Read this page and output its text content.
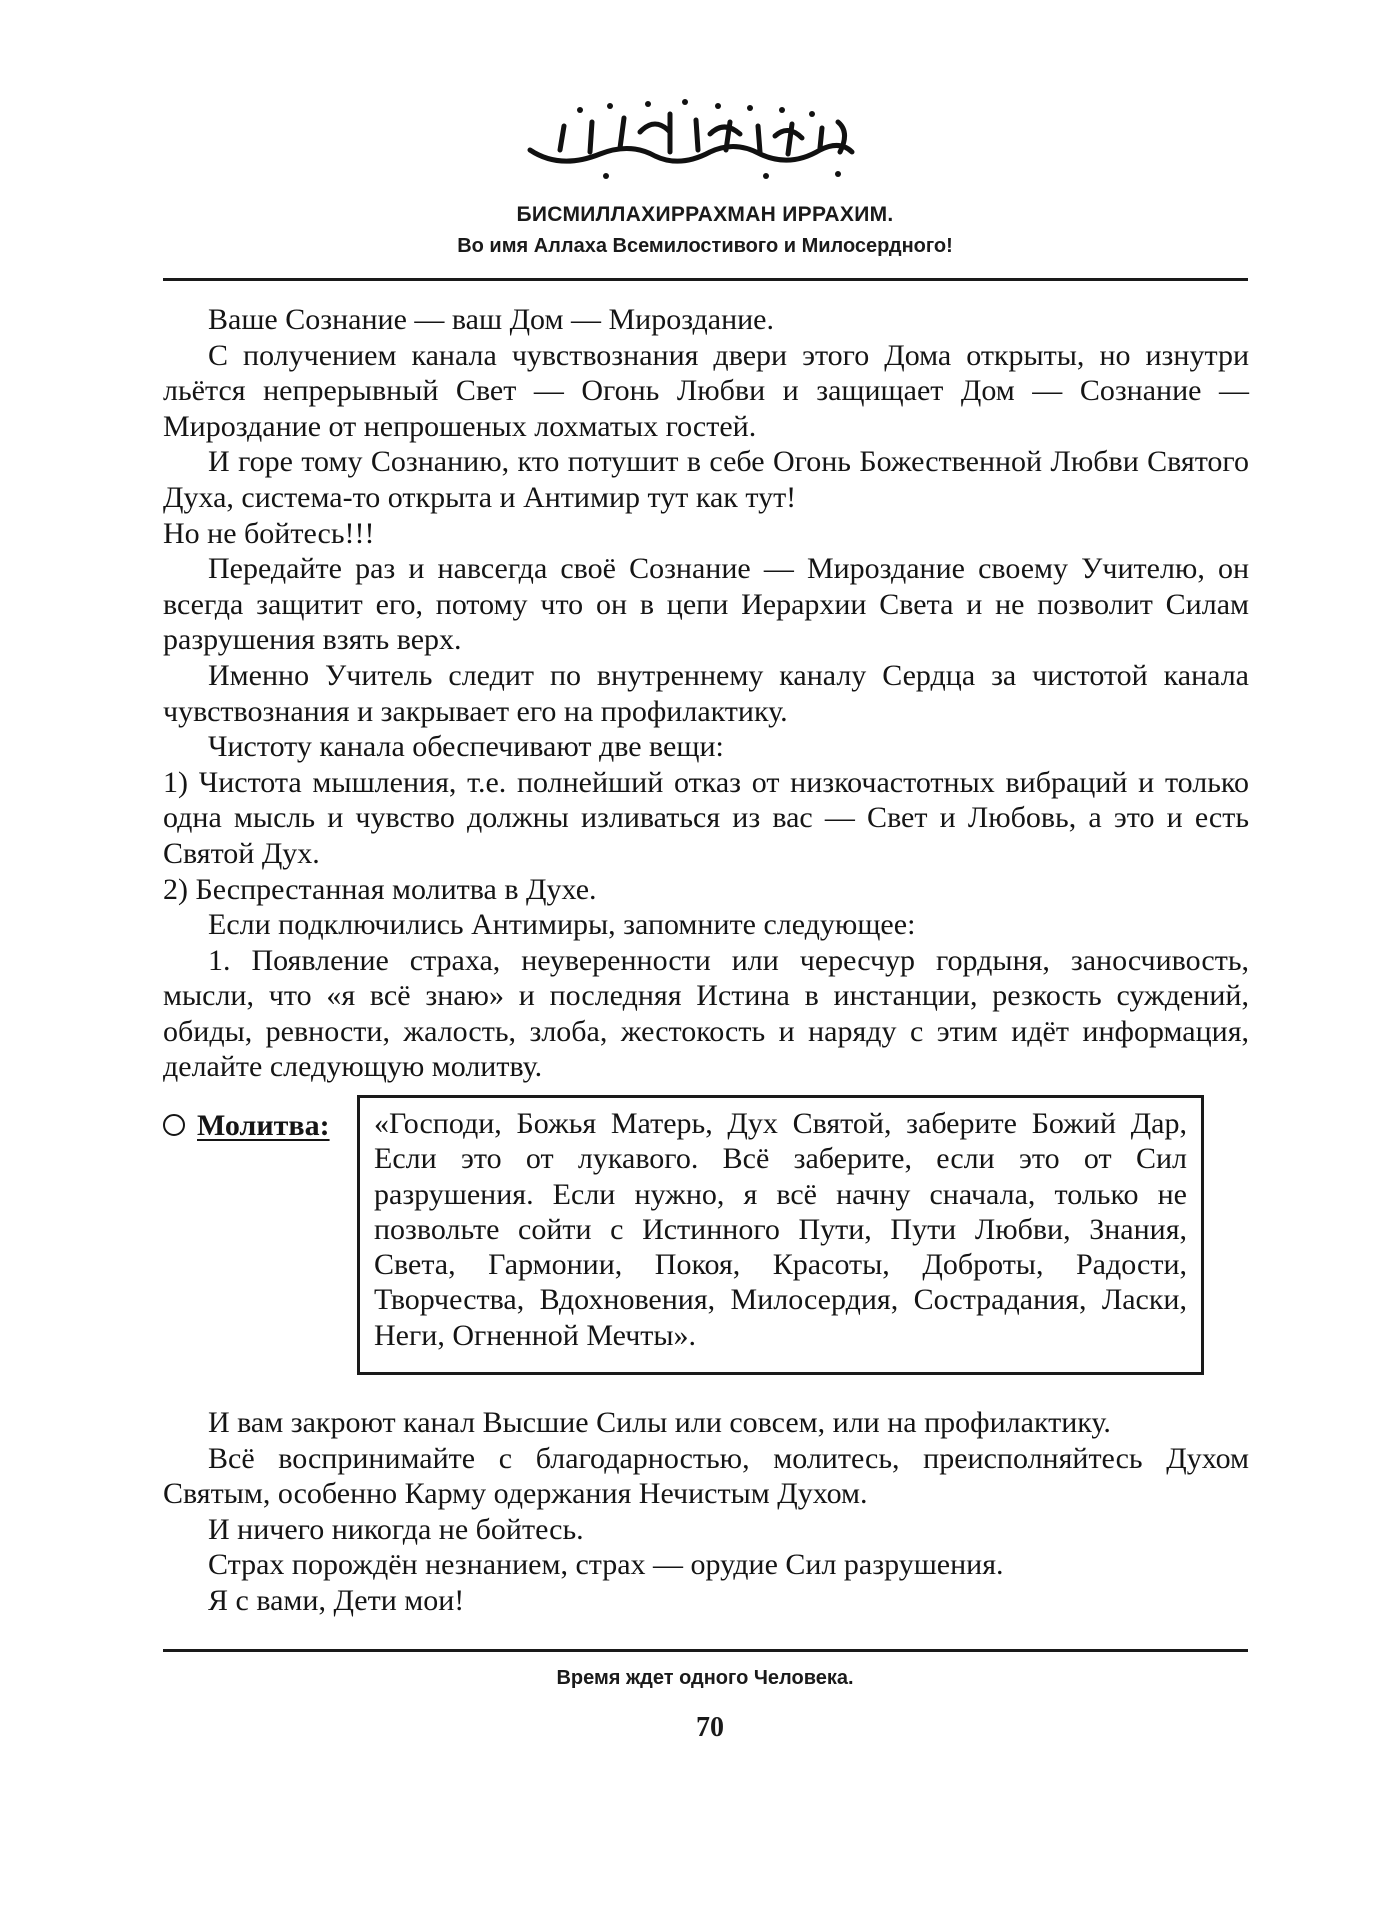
БИСМИЛЛАХИРРАХМАН ИРРАХИМ.
Во имя Аллаха Всемилостивого и Милосердного!

Ваше Сознание — ваш Дом — Мироздание.

С получением канала чувствознания двери этого Дома открыты, но изнутри льётся непрерывный Свет — Огонь Любви и защищает Дом — Сознание — Мироздание от непрошеных лохматых гостей.

И горе тому Сознанию, кто потушит в себе Огонь Божественной Любви Святого Духа, система-то открыта и Антимир тут как тут!

Но не бойтесь!!!

Передайте раз и навсегда своё Сознание — Мироздание своему Учителю, он всегда защитит его, потому что он в цепи Иерархии Света и не позволит Силам разрушения взять верх.

Именно Учитель следит по внутреннему каналу Сердца за чистотой канала чувствознания и закрывает его на профилактику.

Чистоту канала обеспечивают две вещи:

1) Чистота мышления, т.е. полнейший отказ от низкочастотных вибраций и только одна мысль и чувство должны изливаться из вас — Свет и Любовь, а это и есть Святой Дух.

2) Беспрестанная молитва в Духе.

Если подключились Антимиры, запомните следующее:

1. Появление страха, неуверенности или чересчур гордыня, заносчивость, мысли, что «я всё знаю» и последняя Истина в инстанции, резкость суждений, обиды, ревности, жалость, злоба, жестокость и наряду с этим идёт информация, делайте следующую молитву.

Молитва:	«Господи, Божья Матерь, Дух Святой, заберите Божий Дар, Если это от лукавого. Всё заберите, если это от Сил разрушения. Если нужно, я всё начну сначала, только не позвольте сойти с Истинного Пути, Пути Любви, Знания, Света, Гармонии, Покоя, Красоты, Доброты, Радости, Творчества, Вдохновения, Милосердия, Сострадания, Ласки, Неги, Огненной Мечты».

И вам закроют канал Высшие Силы или совсем, или на профилактику.

Всё воспринимайте с благодарностью, молитесь, преисполняйтесь Духом Святым, особенно Карму одержания Нечистым Духом.

И ничего никогда не бойтесь.

Страх порождён незнанием, страх — орудие Сил разрушения.

Я с вами, Дети мои!

Время ждет одного Человека.
70
